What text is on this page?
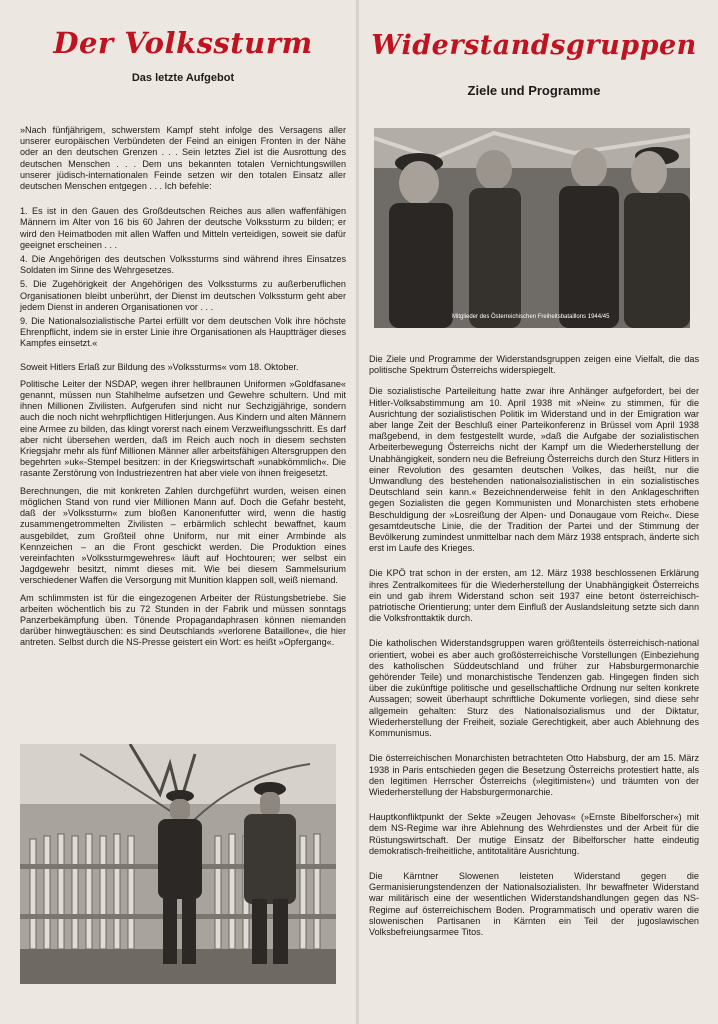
Der Volkssturm
Das letzte Aufgebot

»Nach fünfjährigem, schwerstem Kampf steht infolge des Versagens aller unserer europäischen Verbündeten der Feind an einigen Fronten in der Nähe oder an den deutschen Grenzen . . . Sein letztes Ziel ist die Ausrottung des deutschen Menschen . . . Dem uns bekannten totalen Vernichtungswillen unserer jüdisch-internationalen Feinde setzen wir den totalen Einsatz aller deutschen Menschen entgegen . . . Ich befehle:

1. Es ist in den Gauen des Großdeutschen Reiches aus allen waffenfähigen Männern im Alter von 16 bis 60 Jahren der deutsche Volkssturm zu bilden; er wird den Heimatboden mit allen Waffen und Mitteln verteidigen, soweit sie dafür geeignet erscheinen . . .

4. Die Angehörigen des deutschen Volkssturms sind während ihres Einsatzes Soldaten im Sinne des Wehrgesetzes.

5. Die Zugehörigkeit der Angehörigen des Volkssturms zu außerberuflichen Organisationen bleibt unberührt, der Dienst im deutschen Volkssturm geht aber jedem Dienst in anderen Organisationen vor . . .

9. Die Nationalsozialistische Partei erfüllt vor dem deutschen Volk ihre höchste Ehrenpflicht, indem sie in erster Linie ihre Organisationen als Hauptträger dieses Kampfes einsetzt.«

Soweit Hitlers Erlaß zur Bildung des »Volkssturms« vom 18. Oktober.

Politische Leiter der NSDAP, wegen ihrer hellbraunen Uniformen »Goldfasane« genannt, müssen nun Stahlhelme aufsetzen und Gewehre schultern. Und mit ihnen Millionen Zivilisten. Aufgerufen sind nicht nur Sechzigjährige, sondern auch die noch nicht wehrpflichtigen Hitlerjungen. Aus Kindern und alten Männern eine Armee zu bilden, das klingt vorerst nach einem Verzweiflungsschritt. Es darf aber nicht übersehen werden, daß im Reich auch noch in diesem sechsten Kriegsjahr mehr als fünf Millionen Männer aller arbeitsfähigen Altersgruppen den begehrten »uk«-Stempel besitzen: in der Kriegswirtschaft »unabkömmlich«. Die rasante Zerstörung von Industriezentren hat aber viele von ihnen freigesetzt.

Berechnungen, die mit konkreten Zahlen durchgeführt wurden, weisen einen möglichen Stand von rund vier Millionen Mann auf. Doch die Gefahr besteht, daß der »Volkssturm« zum bloßen Kanonenfutter wird, wenn die hastig zusammengetrommelten Zivilisten – erbärmlich schlecht bewaffnet, kaum ausgebildet, zum Großteil ohne Uniform, nur mit einer Armbinde als Kennzeichen – an die Front geschickt werden. Die Produktion eines vereinfachten »Volkssturmgewehres« läuft auf Hochtouren; wer selbst ein Jagdgewehr besitzt, nimmt dieses mit. Wie bei diesem Sammelsurium verschiedener Waffen die Versorgung mit Munition klappen soll, weiß niemand.

Am schlimmsten ist für die eingezogenen Arbeiter der Rüstungsbetriebe. Sie arbeiten wöchentlich bis zu 72 Stunden in der Fabrik und müssen sonntags Panzerbekämpfung üben. Tönende Propagandaphrasen können niemanden darüber hinwegtäuschen: es sind Deutschlands »verlorene Bataillone«, die hier antreten. Selbst durch die NS-Presse geistert ein Wort: es heißt »Opfergang«.

Widerstandsgruppen
Ziele und Programme
Mitglieder des Österreichischen Freiheitsbataillons 1944/45

Die Ziele und Programme der Widerstandsgruppen zeigen eine Vielfalt, die das politische Spektrum Österreichs widerspiegelt.

Die sozialistische Parteileitung hatte zwar ihre Anhänger aufgefordert, bei der Hitler-Volksabstimmung am 10. April 1938 mit »Nein« zu stimmen, für die Ausrichtung der sozialistischen Politik im Widerstand und in der Emigration war aber lange Zeit der Beschluß einer Parteikonferenz in Brüssel vom April 1938 maßgebend, in dem festgestellt wurde, »daß die Aufgabe der sozialistischen Arbeiterbewegung Österreichs nicht der Kampf um die Wiederherstellung der Unabhängigkeit, sondern neu die Befreiung Österreichs durch den Sturz Hitlers in einer Revolution des gesamten deutschen Volkes, das heißt, nur die Umwandlung des bestehenden nationalsozialistischen in ein sozialistisches Deutschland sein kann.« Bezeichnenderweise fehlt in den Anklageschriften gegen Sozialisten die gegen Kommunisten und Monarchisten stets erhobene Beschuldigung der »Losreißung der Alpen- und Donaugaue vom Reich«. Diese gesamtdeutsche Linie, die der Tradition der Partei und der Stimmung der Bevölkerung zumindest unmittelbar nach dem März 1938 entsprach, änderte sich erst im Laufe des Krieges.

Die KPÖ trat schon in der ersten, am 12. März 1938 beschlossenen Erklärung ihres Zentralkomitees für die Wiederherstellung der Unabhängigkeit Österreichs ein und gab ihrem Widerstand schon seit 1937 eine betont österreichisch-patriotische Orientierung; unter dem Einfluß der Auslandsleitung setzte sich dann die Volksfronttaktik durch.

Die katholischen Widerstandsgruppen waren größtenteils österreichisch-national orientiert, wobei es aber auch großösterreichische Vorstellungen (Einbeziehung des katholischen Süddeutschland und früher zur Habsburgermonarchie gehörender Teile) und monarchistische Tendenzen gab. Hingegen finden sich über die zukünftige politische und gesellschaftliche Ordnung nur selten konkrete Aussagen; soweit überhaupt schriftliche Dokumente vorliegen, sind diese sehr allgemein gehalten: Sturz des Nationalsozialismus und der Diktatur, Wiederherstellung der Freiheit, soziale Gerechtigkeit, aber auch Ablehnung des Kommunismus.

Die österreichischen Monarchisten betrachteten Otto Habsburg, der am 15. März 1938 in Paris entschieden gegen die Besetzung Österreichs protestiert hatte, als den legitimen Herrscher Österreichs (»legitimisten«) und träumten von der Wiederherstellung der Habsburgermonarchie.

Hauptkonfliktpunkt der Sekte »Zeugen Jehovas« (»Ernste Bibelforscher«) mit dem NS-Regime war ihre Ablehnung des Wehrdienstes und der Arbeit für die Rüstungswirtschaft. Der mutige Einsatz der Bibelforscher hatte eindeutig demokratisch-freiheitliche, antitotalitäre Ausrichtung.

Die Kärntner Slowenen leisteten Widerstand gegen die Germanisierungstendenzen der Nationalsozialisten. Ihr bewaffneter Widerstand war militärisch eine der wesentlichen Widerstandshandlungen gegen das NS-Regime auf österreichischem Boden. Programmatisch und operativ waren die slowenischen Partisanen in Kärnten ein Teil der jugoslawischen Volksbefreiungsarmee Titos.
